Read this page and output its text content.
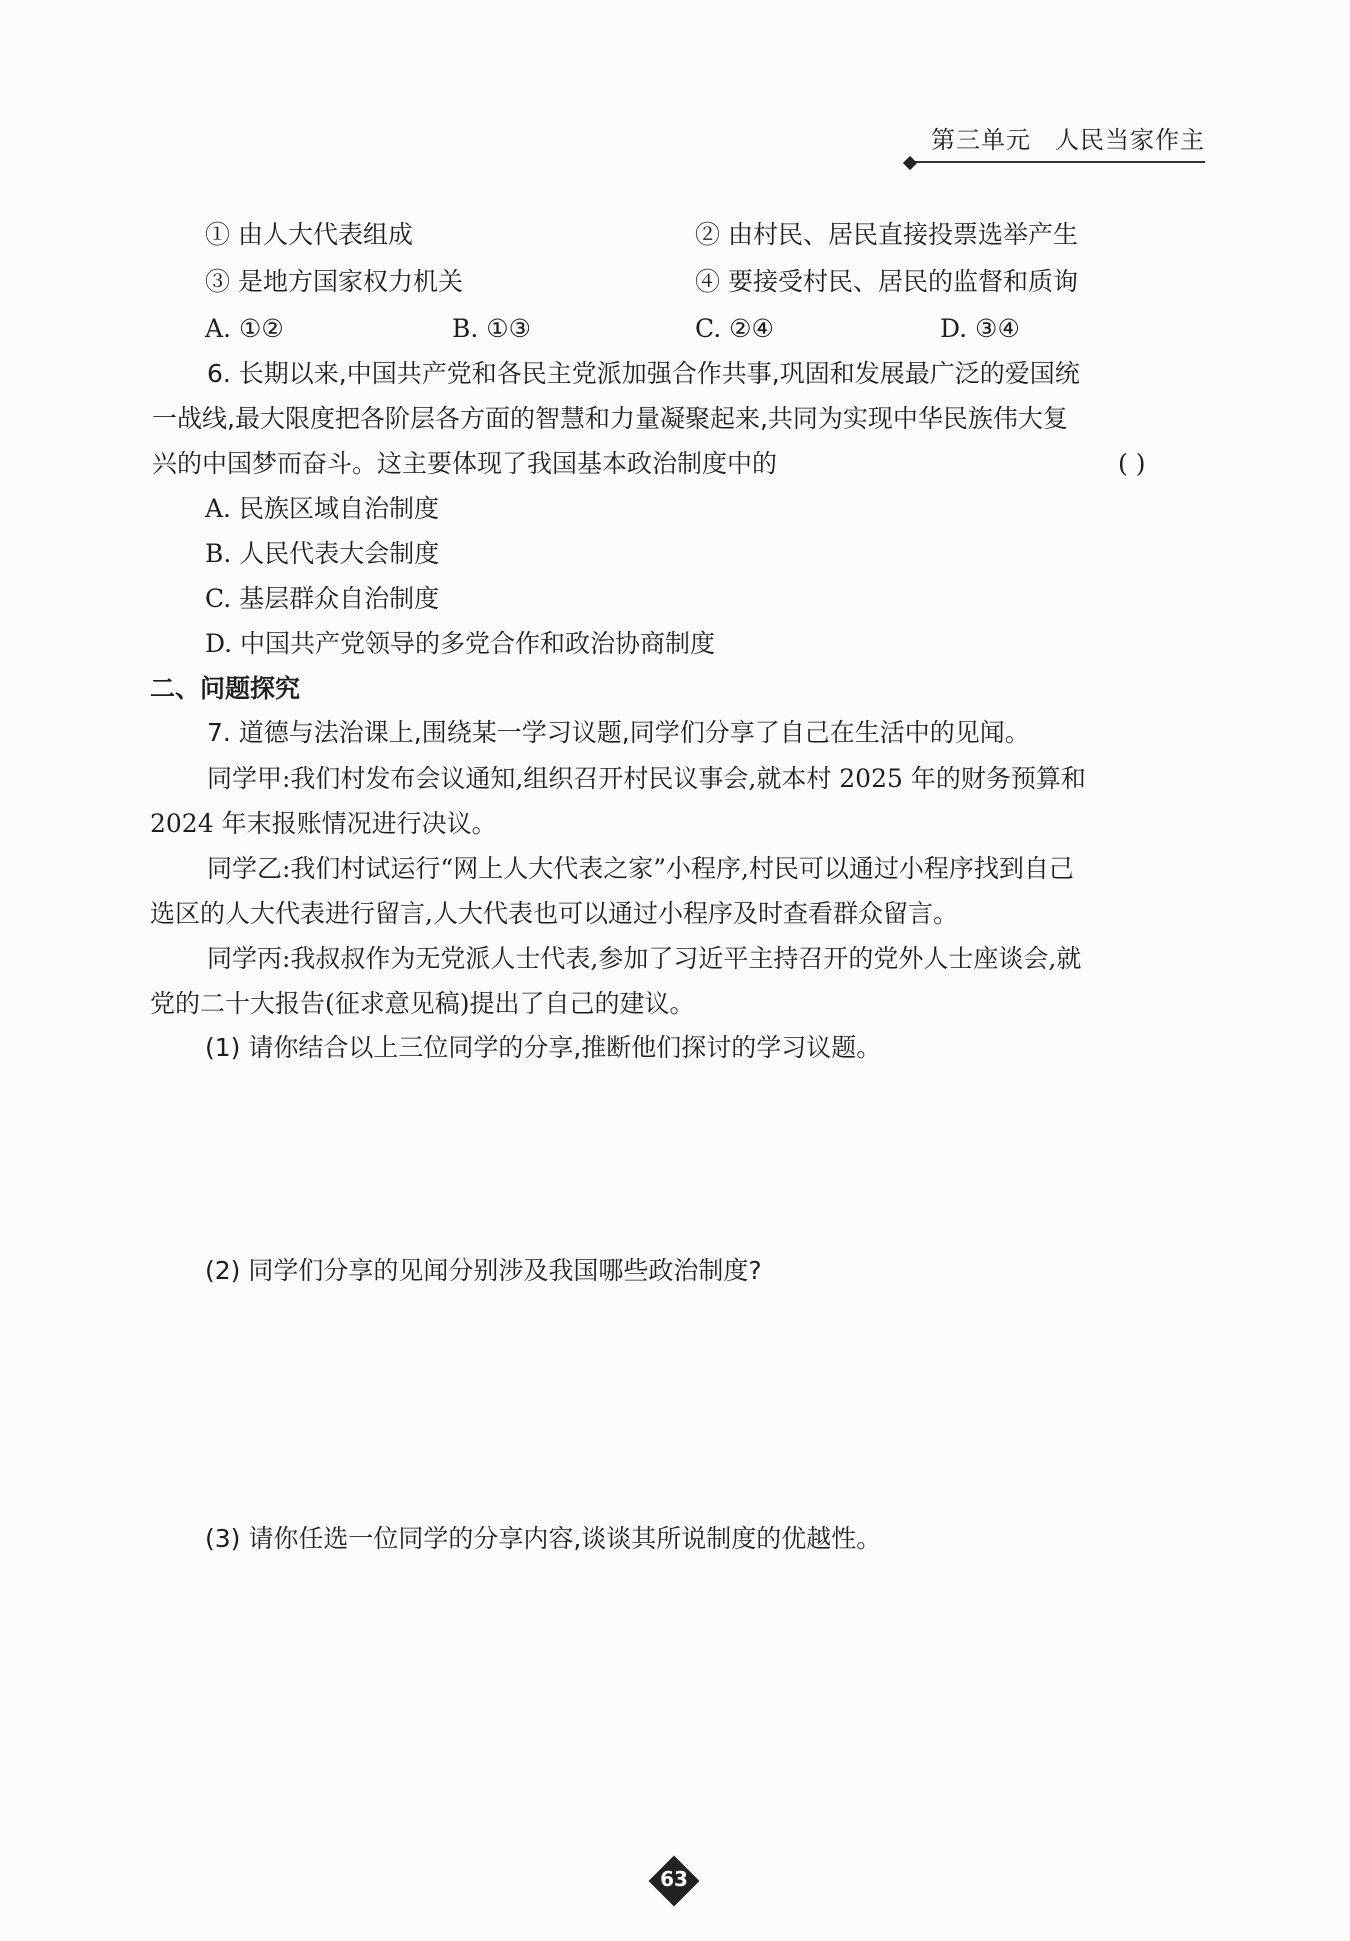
第三单元 人民当家作主
① 由人大代表组成	② 由村民、居民直接投票选举产生
③ 是地方国家权力机关	④ 要接受村民、居民的监督和质询
A. ①②	B. ①③	C. ②④	D. ③④
6. 长期以来,中国共产党和各民主党派加强合作共事,巩固和发展最广泛的爱国统
一战线,最大限度把各阶层各方面的智慧和力量凝聚起来,共同为实现中华民族伟大复
兴的中国梦而奋斗。这主要体现了我国基本政治制度中的	( )
A. 民族区域自治制度
B. 人民代表大会制度
C. 基层群众自治制度
D. 中国共产党领导的多党合作和政治协商制度
二、问题探究
7. 道德与法治课上,围绕某一学习议题,同学们分享了自己在生活中的见闻。
同学甲:我们村发布会议通知,组织召开村民议事会,就本村 2025 年的财务预算和
2024 年末报账情况进行决议。
同学乙:我们村试运行“网上人大代表之家”小程序,村民可以通过小程序找到自己
选区的人大代表进行留言,人大代表也可以通过小程序及时查看群众留言。
同学丙:我叔叔作为无党派人士代表,参加了习近平主持召开的党外人士座谈会,就
党的二十大报告(征求意见稿)提出了自己的建议。
(1) 请你结合以上三位同学的分享,推断他们探讨的学习议题。
(2) 同学们分享的见闻分别涉及我国哪些政治制度?
(3) 请你任选一位同学的分享内容,谈谈其所说制度的优越性。
63
